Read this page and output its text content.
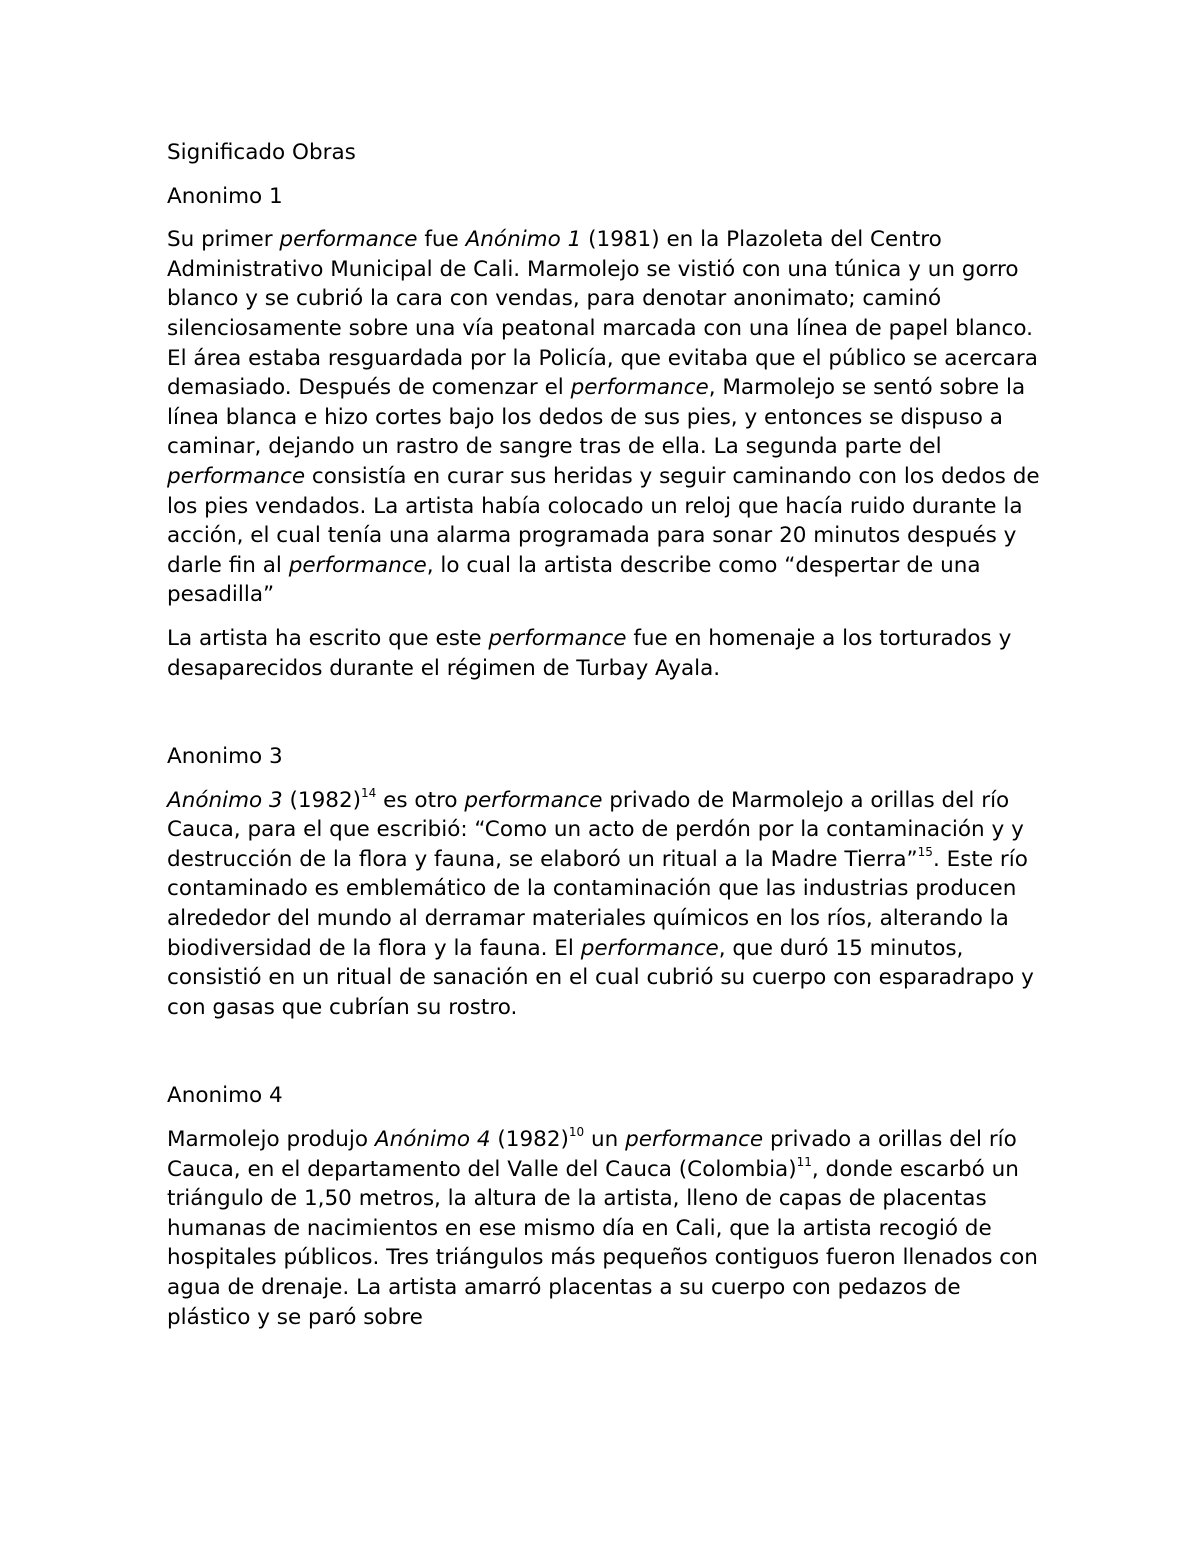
Significado Obras

Anonimo 1

Su primer performance fue Anónimo 1 (1981) en la Plazoleta del Centro Administrativo Municipal de Cali. Marmolejo se vistió con una túnica y un gorro blanco y se cubrió la cara con vendas, para denotar anonimato; caminó silenciosamente sobre una vía peatonal marcada con una línea de papel blanco. El área estaba resguardada por la Policía, que evitaba que el público se acercara demasiado. Después de comenzar el performance, Marmolejo se sentó sobre la línea blanca e hizo cortes bajo los dedos de sus pies, y entonces se dispuso a caminar, dejando un rastro de sangre tras de ella. La segunda parte del performance consistía en curar sus heridas y seguir caminando con los dedos de los pies vendados. La artista había colocado un reloj que hacía ruido durante la acción, el cual tenía una alarma programada para sonar 20 minutos después y darle fin al performance, lo cual la artista describe como “despertar de una pesadilla”

La artista ha escrito que este performance fue en homenaje a los torturados y desaparecidos durante el régimen de Turbay Ayala.

Anonimo 3

Anónimo 3 $(1982)^{14}$ es otro performance privado de Marmolejo a orillas del río Cauca, para el que escribió: “Como un acto de perdón por la contaminación y y destrucción de la flora y fauna, se elaboró un ritual a la Madre Tierra”$^{15}$. Este río contaminado es emblemático de la contaminación que las industrias producen alrededor del mundo al derramar materiales químicos en los ríos, alterando la biodiversidad de la flora y la fauna. El performance, que duró 15 minutos, consistió en un ritual de sanación en el cual cubrió su cuerpo con esparadrapo y con gasas que cubrían su rostro.

Anonimo 4

Marmolejo produjo Anónimo 4 $(1982)^{10}$ un performance privado a orillas del río Cauca, en el departamento del Valle del Cauca (Colombia)$^{11}$, donde escarbó un triángulo de 1,50 metros, la altura de la artista, lleno de capas de placentas humanas de nacimientos en ese mismo día en Cali, que la artista recogió de hospitales públicos. Tres triángulos más pequeños contiguos fueron llenados con agua de drenaje. La artista amarró placentas a su cuerpo con pedazos de plástico y se paró sobre
